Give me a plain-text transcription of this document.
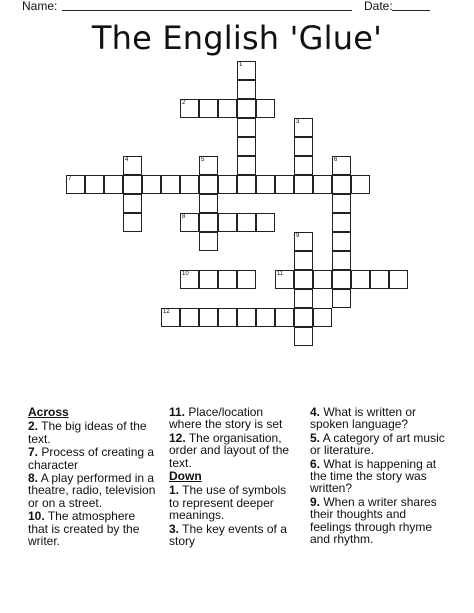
Name:	Date:
The English 'Glue'
1
2
3
4	5	6
7
8
9
10	11
12
Across
2. The big ideas of the text.
7. Process of creating a character
8. A play performed in a theatre, radio, television or on a street.
10. The atmosphere that is created by the writer.
11. Place/location where the story is set
12. The organisation, order and layout of the text.
Down
1. The use of symbols to represent deeper meanings.
3. The key events of a story
4. What is written or spoken language?
5. A category of art music or literature.
6. What is happening at the time the story was written?
9. When a writer shares their thoughts and feelings through rhyme and rhythm.
